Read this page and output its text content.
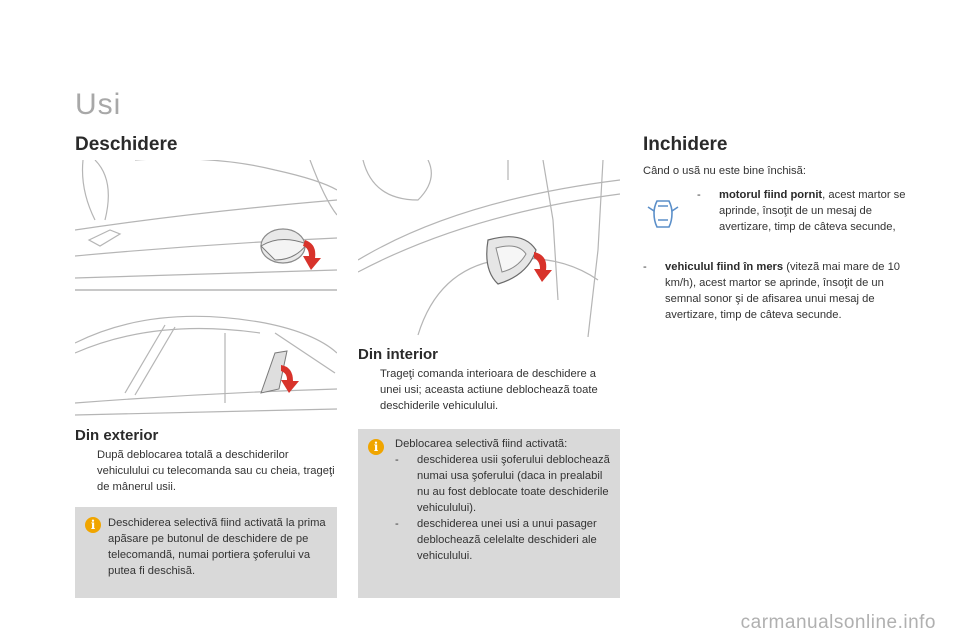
Usi
Deschidere
Din exterior
Dupã deblocarea totalã a deschiderilor vehiculului cu telecomanda sau cu cheia, trageţi de mânerul usii.
i	Deschiderea selectivã fiind activatã la prima apãsare pe butonul de deschidere de pe telecomandã, numai portiera şoferului va putea fi deschisã.
Din interior
Trageţi comanda interioara de deschidere a unei usi; aceasta actiune deblocheazã toate deschiderile vehiculului.
i	Deblocarea selectivã fiind activatã:
-	deschiderea usii şoferului deblocheazã numai usa şoferului (daca in prealabil nu au fost deblocate toate deschiderile vehiculului).
-	deschiderea unei usi a unui pasager deblocheazã celelalte deschideri ale vehiculului.
Inchidere
Când o usã nu este bine închisã:
-	motorul fiind pornit, acest martor se aprinde, însoţit de un mesaj de avertizare, timp de câteva secunde,
-	vehiculul fiind în mers (vitezã mai mare de 10 km/h), acest martor se aprinde, însoţit de un semnal sonor şi de afisarea unui mesaj de avertizare, timp de câteva secunde.
carmanualsonline.info
